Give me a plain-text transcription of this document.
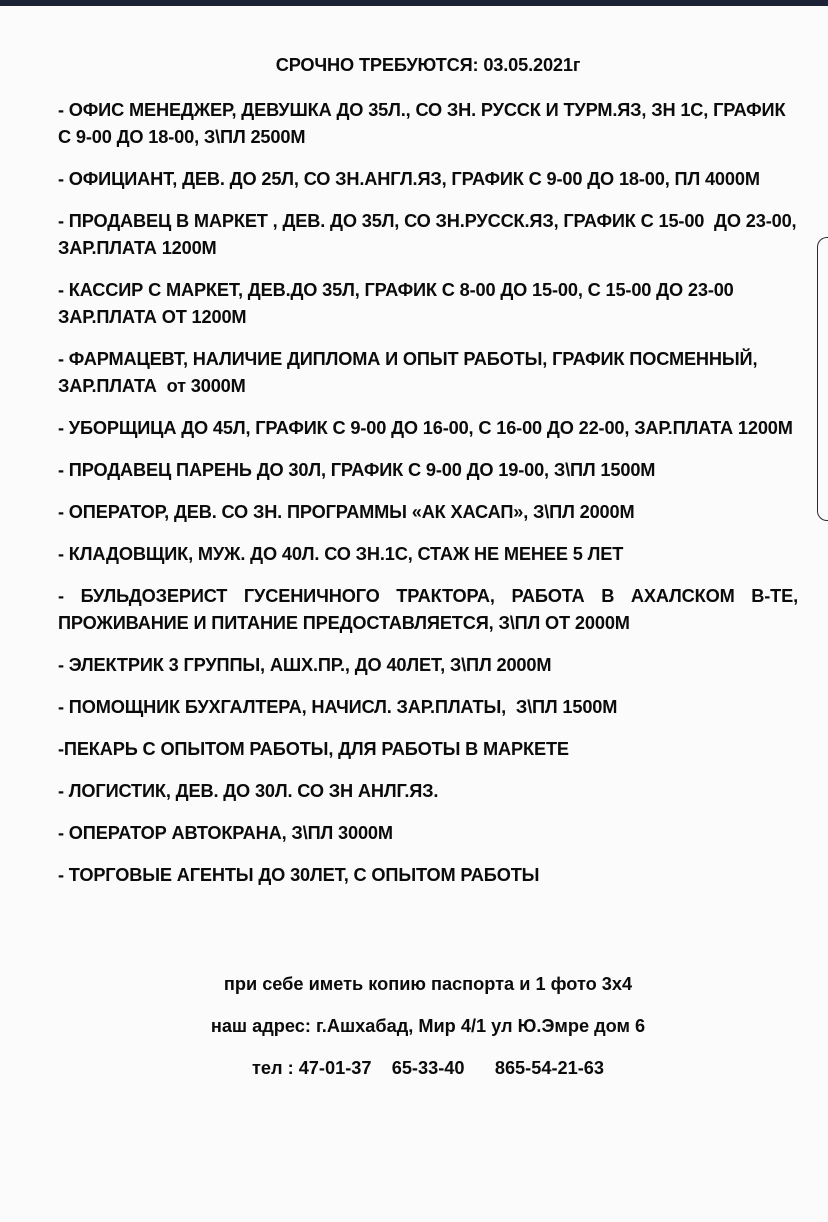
СРОЧНО ТРЕБУЮТСЯ: 03.05.2021г
- ОФИС МЕНЕДЖЕР, ДЕВУШКА ДО 35Л., СО ЗН. РУССК И ТУРМ.ЯЗ, ЗН 1С, ГРАФИК С 9-00 ДО 18-00, З\ПЛ 2500М
- ОФИЦИАНТ, ДЕВ. ДО 25Л, СО ЗН.АНГЛ.ЯЗ, ГРАФИК С 9-00 ДО 18-00, ПЛ 4000М
- ПРОДАВЕЦ В МАРКЕТ , ДЕВ. ДО 35Л, СО ЗН.РУССК.ЯЗ, ГРАФИК С 15-00  ДО 23-00, ЗАР.ПЛАТА 1200М
- КАССИР С МАРКЕТ, ДЕВ.ДО 35Л, ГРАФИК С 8-00 ДО 15-00, С 15-00 ДО 23-00 ЗАР.ПЛАТА ОТ 1200М
- ФАРМАЦЕВТ, НАЛИЧИЕ ДИПЛОМА И ОПЫТ РАБОТЫ, ГРАФИК ПОСМЕННЫЙ, ЗАР.ПЛАТА  от 3000М
- УБОРЩИЦА ДО 45Л, ГРАФИК С 9-00 ДО 16-00, С 16-00 ДО 22-00, ЗАР.ПЛАТА 1200М
- ПРОДАВЕЦ ПАРЕНЬ ДО 30Л, ГРАФИК С 9-00 ДО 19-00, З\ПЛ 1500М
- ОПЕРАТОР, ДЕВ. СО ЗН. ПРОГРАММЫ «АК ХАСАП», З\ПЛ 2000М
- КЛАДОВЩИК, МУЖ. ДО 40Л. СО ЗН.1С, СТАЖ НЕ МЕНЕЕ 5 ЛЕТ
- БУЛЬДОЗЕРИСТ ГУСЕНИЧНОГО ТРАКТОРА, РАБОТА В АХАЛСКОМ В-ТЕ, ПРОЖИВАНИЕ И ПИТАНИЕ ПРЕДОСТАВЛЯЕТСЯ, З\ПЛ ОТ 2000М
- ЭЛЕКТРИК 3 ГРУППЫ, АШХ.ПР., ДО 40ЛЕТ, З\ПЛ 2000М
- ПОМОЩНИК БУХГАЛТЕРА, НАЧИСЛ. ЗАР.ПЛАТЫ,  З\ПЛ 1500М
-ПЕКАРЬ С ОПЫТОМ РАБОТЫ, ДЛЯ РАБОТЫ В МАРКЕТЕ
- ЛОГИСТИК, ДЕВ. ДО 30Л. СО ЗН АНЛГ.ЯЗ.
- ОПЕРАТОР АВТОКРАНА, З\ПЛ 3000М
- ТОРГОВЫЕ АГЕНТЫ ДО 30ЛЕТ, С ОПЫТОМ РАБОТЫ
при себе иметь копию паспорта и 1 фото 3х4
наш адрес: г.Ашхабад, Мир 4/1 ул Ю.Эмре дом 6
тел : 47-01-37    65-33-40      865-54-21-63
